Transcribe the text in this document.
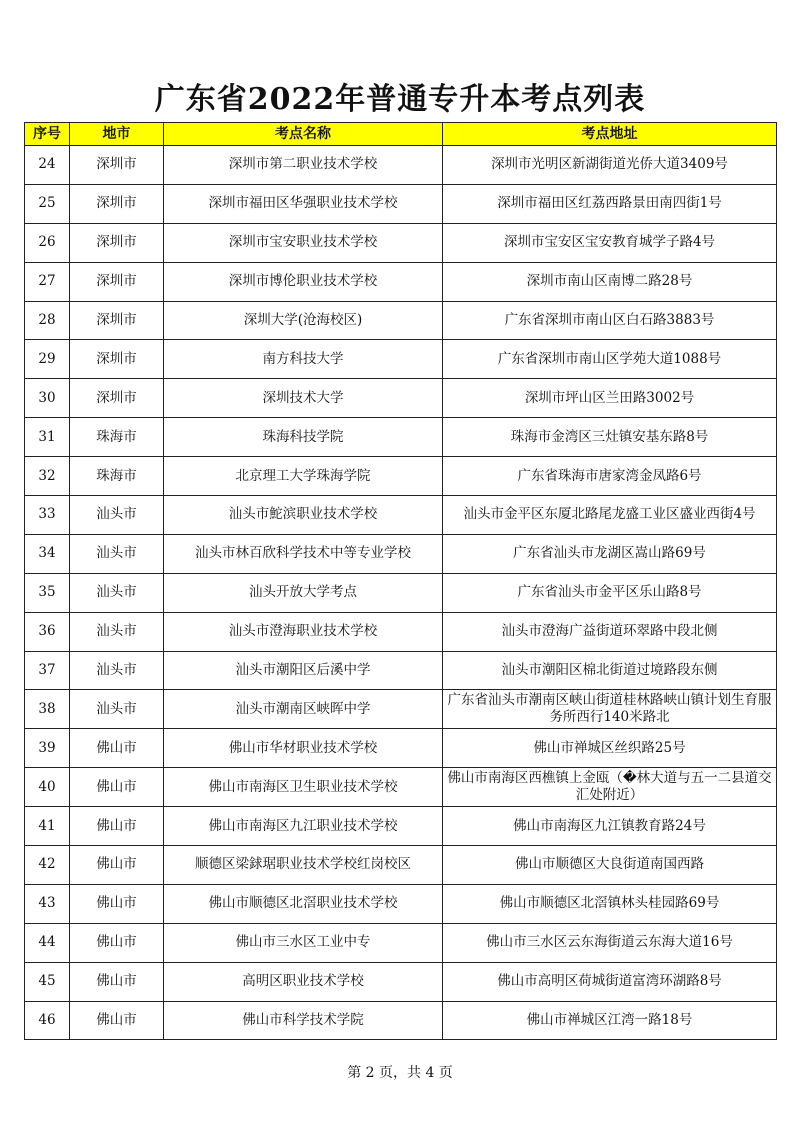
广东省2022年普通专升本考点列表
序号	地市	考点名称	考点地址
24	深圳市	深圳市第二职业技术学校	深圳市光明区新湖街道光侨大道3409号
25	深圳市	深圳市福田区华强职业技术学校	深圳市福田区红荔西路景田南四街1号
26	深圳市	深圳市宝安职业技术学校	深圳市宝安区宝安教育城学子路4号
27	深圳市	深圳市博伦职业技术学校	深圳市南山区南博二路28号
28	深圳市	深圳大学(沧海校区)	广东省深圳市南山区白石路3883号
29	深圳市	南方科技大学	广东省深圳市南山区学苑大道1088号
30	深圳市	深圳技术大学	深圳市坪山区兰田路3002号
31	珠海市	珠海科技学院	珠海市金湾区三灶镇安基东路8号
32	珠海市	北京理工大学珠海学院	广东省珠海市唐家湾金凤路6号
33	汕头市	汕头市鮀滨职业技术学校	汕头市金平区东厦北路尾龙盛工业区盛业西街4号
34	汕头市	汕头市林百欣科学技术中等专业学校	广东省汕头市龙湖区嵩山路69号
35	汕头市	汕头开放大学考点	广东省汕头市金平区乐山路8号
36	汕头市	汕头市澄海职业技术学校	汕头市澄海广益街道环翠路中段北侧
37	汕头市	汕头市潮阳区后溪中学	汕头市潮阳区棉北街道过境路段东侧
38	汕头市	汕头市潮南区峡晖中学	广东省汕头市潮南区峡山街道桂林路峡山镇计划生育服务所西行140米路北
39	佛山市	佛山市华材职业技术学校	佛山市禅城区丝织路25号
40	佛山市	佛山市南海区卫生职业技术学校	佛山市南海区西樵镇上金瓯（�林大道与五一二县道交汇处附近）
41	佛山市	佛山市南海区九江职业技术学校	佛山市南海区九江镇教育路24号
42	佛山市	顺德区梁銶琚职业技术学校红岗校区	佛山市顺德区大良街道南国西路
43	佛山市	佛山市顺德区北滘职业技术学校	佛山市顺德区北滘镇林头桂园路69号
44	佛山市	佛山市三水区工业中专	佛山市三水区云东海街道云东海大道16号
45	佛山市	高明区职业技术学校	佛山市高明区荷城街道富湾环湖路8号
46	佛山市	佛山市科学技术学院	佛山市禅城区江湾一路18号
第 2 页，共 4 页
